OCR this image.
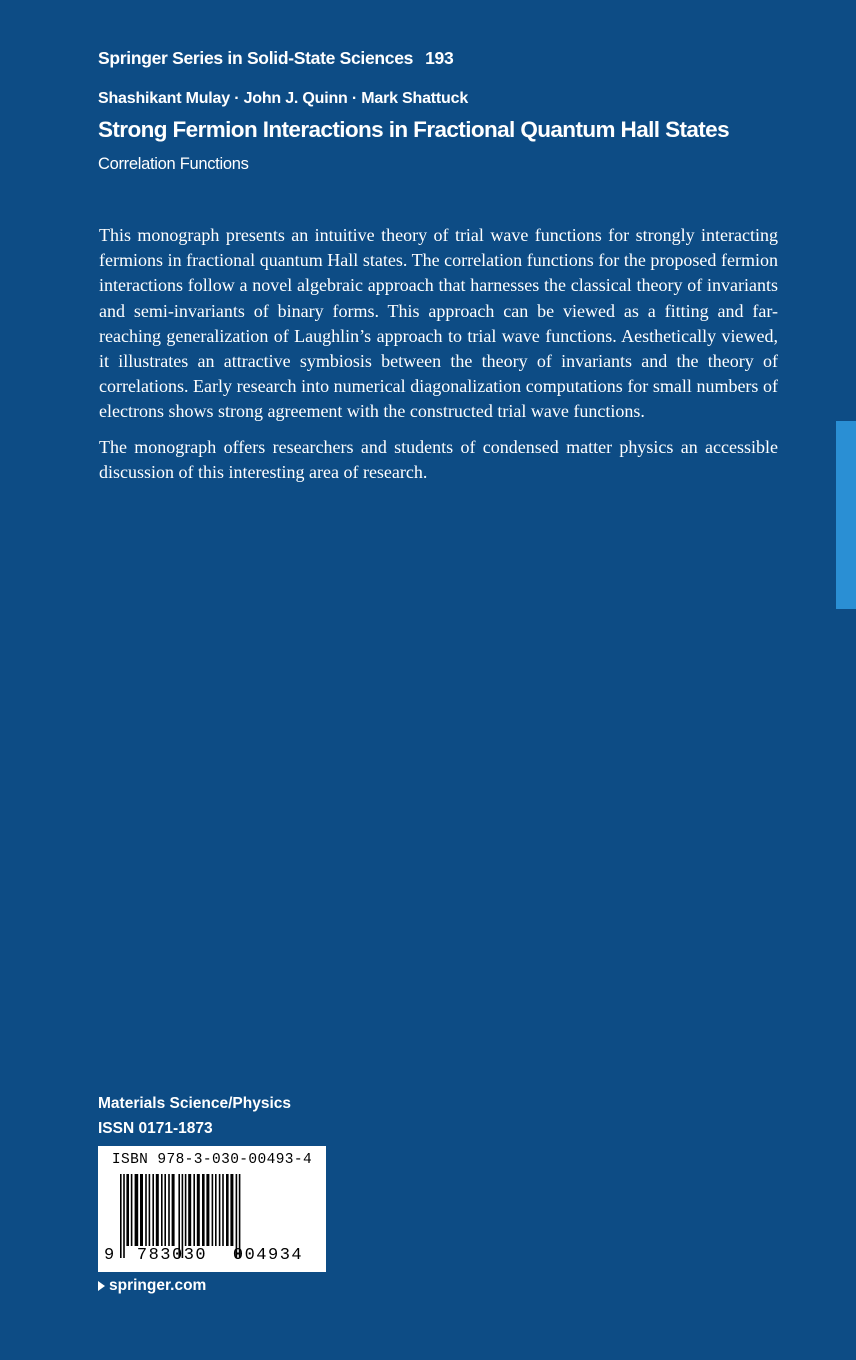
Springer Series in Solid-State Sciences 193
Shashikant Mulay · John J. Quinn · Mark Shattuck
Strong Fermion Interactions in Fractional Quantum Hall States
Correlation Functions

This monograph presents an intuitive theory of trial wave functions for strongly interacting fermions in fractional quantum Hall states. The correlation functions for the proposed fermion interactions follow a novel algebraic approach that harnesses the classical theory of invariants and semi-invariants of binary forms. This approach can be viewed as a fitting and far-reaching generalization of Laughlin’s approach to trial wave functions. Aesthetically viewed, it illustrates an attractive symbiosis between the theory of invariants and the theory of correlations. Early research into numerical diagonalization computations for small numbers of electrons shows strong agreement with the constructed trial wave functions.

The monograph offers researchers and students of condensed matter physics an accessible discussion of this interesting area of research.

Materials Science/Physics
ISSN 0171-1873
ISBN 978-3-030-00493-4
9	783030	004934
springer.com
